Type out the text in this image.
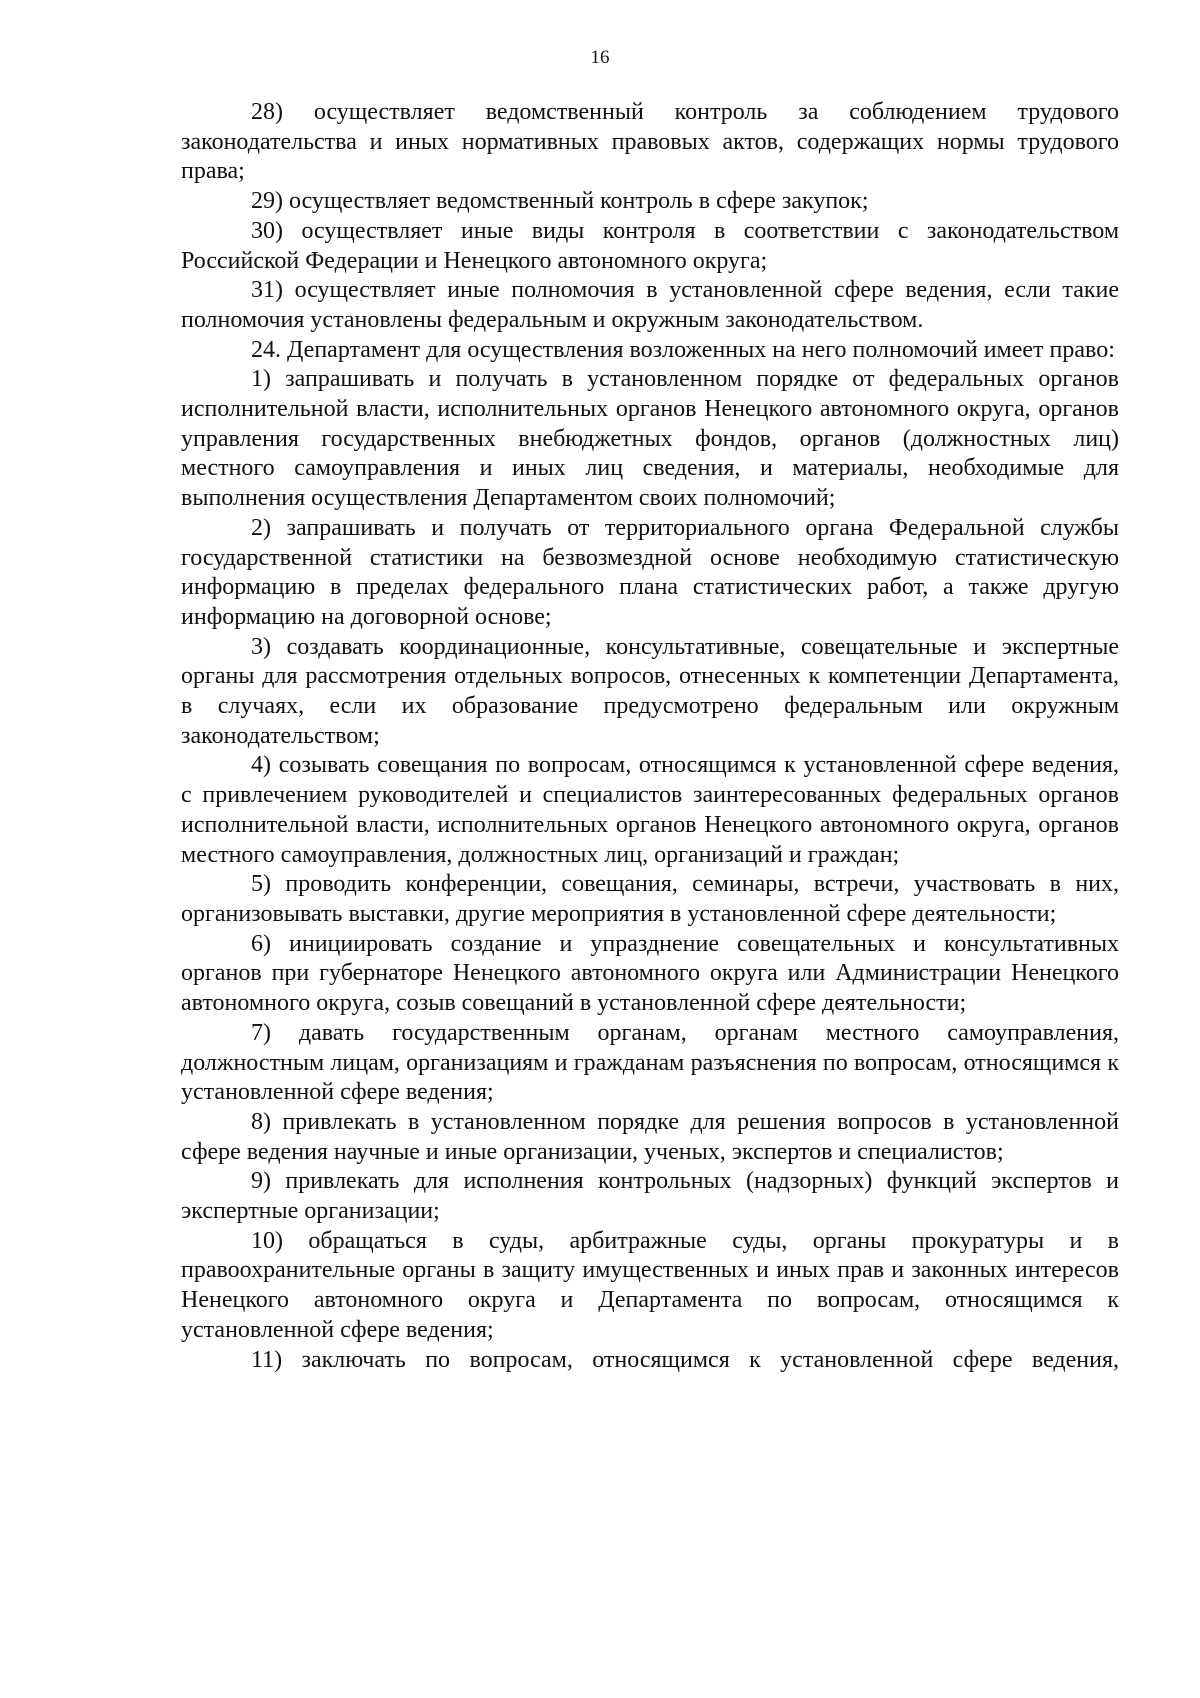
16

28) осуществляет ведомственный контроль за соблюдением трудового законодательства и иных нормативных правовых актов, содержащих нормы трудового права;

29) осуществляет ведомственный контроль в сфере закупок;

30) осуществляет иные виды контроля в соответствии с законодательством Российской Федерации и Ненецкого автономного округа;

31) осуществляет иные полномочия в установленной сфере ведения, если такие полномочия установлены федеральным и окружным законодательством.

24. Департамент для осуществления возложенных на него полномочий имеет право:

1) запрашивать и получать в установленном порядке от федеральных органов исполнительной власти, исполнительных органов Ненецкого автономного округа, органов управления государственных внебюджетных фондов, органов (должностных лиц) местного самоуправления и иных лиц сведения, и материалы, необходимые для выполнения осуществления Департаментом своих полномочий;

2) запрашивать и получать от территориального органа Федеральной службы государственной статистики на безвозмездной основе необходимую статистическую информацию в пределах федерального плана статистических работ, а также другую информацию на договорной основе;

3) создавать координационные, консультативные, совещательные и экспертные органы для рассмотрения отдельных вопросов, отнесенных к компетенции Департамента, в случаях, если их образование предусмотрено федеральным или окружным законодательством;

4) созывать совещания по вопросам, относящимся к установленной сфере ведения, с привлечением руководителей и специалистов заинтересованных федеральных органов исполнительной власти, исполнительных органов Ненецкого автономного округа, органов местного самоуправления, должностных лиц, организаций и граждан;

5) проводить конференции, совещания, семинары, встречи, участвовать в них, организовывать выставки, другие мероприятия в установленной сфере деятельности;

6) инициировать создание и упразднение совещательных и консультативных органов при губернаторе Ненецкого автономного округа или Администрации Ненецкого автономного округа, созыв совещаний в установленной сфере деятельности;

7) давать государственным органам, органам местного самоуправления, должностным лицам, организациям и гражданам разъяснения по вопросам, относящимся к установленной сфере ведения;

8) привлекать в установленном порядке для решения вопросов в установленной сфере ведения научные и иные организации, ученых, экспертов и специалистов;

9) привлекать для исполнения контрольных (надзорных) функций экспертов и экспертные организации;

10) обращаться в суды, арбитражные суды, органы прокуратуры и в правоохранительные органы в защиту имущественных и иных прав и законных интересов Ненецкого автономного округа и Департамента по вопросам, относящимся к установленной сфере ведения;

11) заключать по вопросам, относящимся к установленной сфере ведения,
